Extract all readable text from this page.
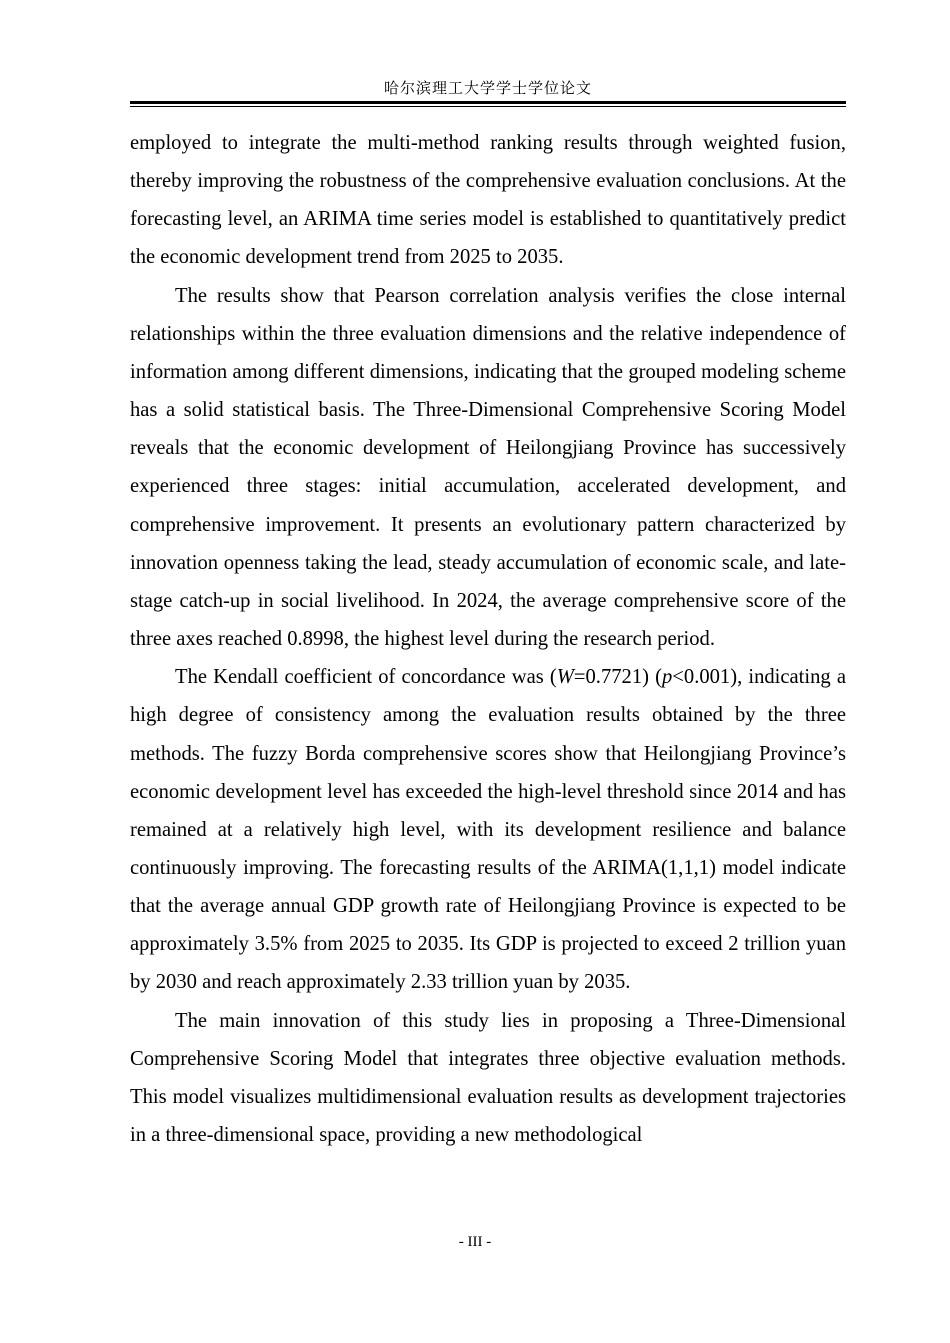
哈尔滨理工大学学士学位论文

employed to integrate the multi-method ranking results through weighted fusion, thereby improving the robustness of the comprehensive evaluation conclusions. At the forecasting level, an ARIMA time series model is established to quantitatively predict the economic development trend from 2025 to 2035.

The results show that Pearson correlation analysis verifies the close internal relationships within the three evaluation dimensions and the relative independence of information among different dimensions, indicating that the grouped modeling scheme has a solid statistical basis. The Three-Dimensional Comprehensive Scoring Model reveals that the economic development of Heilongjiang Province has successively experienced three stages: initial accumulation, accelerated development, and comprehensive improvement. It presents an evolutionary pattern characterized by innovation openness taking the lead, steady accumulation of economic scale, and late-stage catch-up in social livelihood. In 2024, the average comprehensive score of the three axes reached 0.8998, the highest level during the research period.

The Kendall coefficient of concordance was (W=0.7721) (p<0.001), indicating a high degree of consistency among the evaluation results obtained by the three methods. The fuzzy Borda comprehensive scores show that Heilongjiang Province’s economic development level has exceeded the high-level threshold since 2014 and has remained at a relatively high level, with its development resilience and balance continuously improving. The forecasting results of the ARIMA(1,1,1) model indicate that the average annual GDP growth rate of Heilongjiang Province is expected to be approximately 3.5% from 2025 to 2035. Its GDP is projected to exceed 2 trillion yuan by 2030 and reach approximately 2.33 trillion yuan by 2035.

The main innovation of this study lies in proposing a Three-Dimensional Comprehensive Scoring Model that integrates three objective evaluation methods. This model visualizes multidimensional evaluation results as development trajectories in a three-dimensional space, providing a new methodological

- III -
